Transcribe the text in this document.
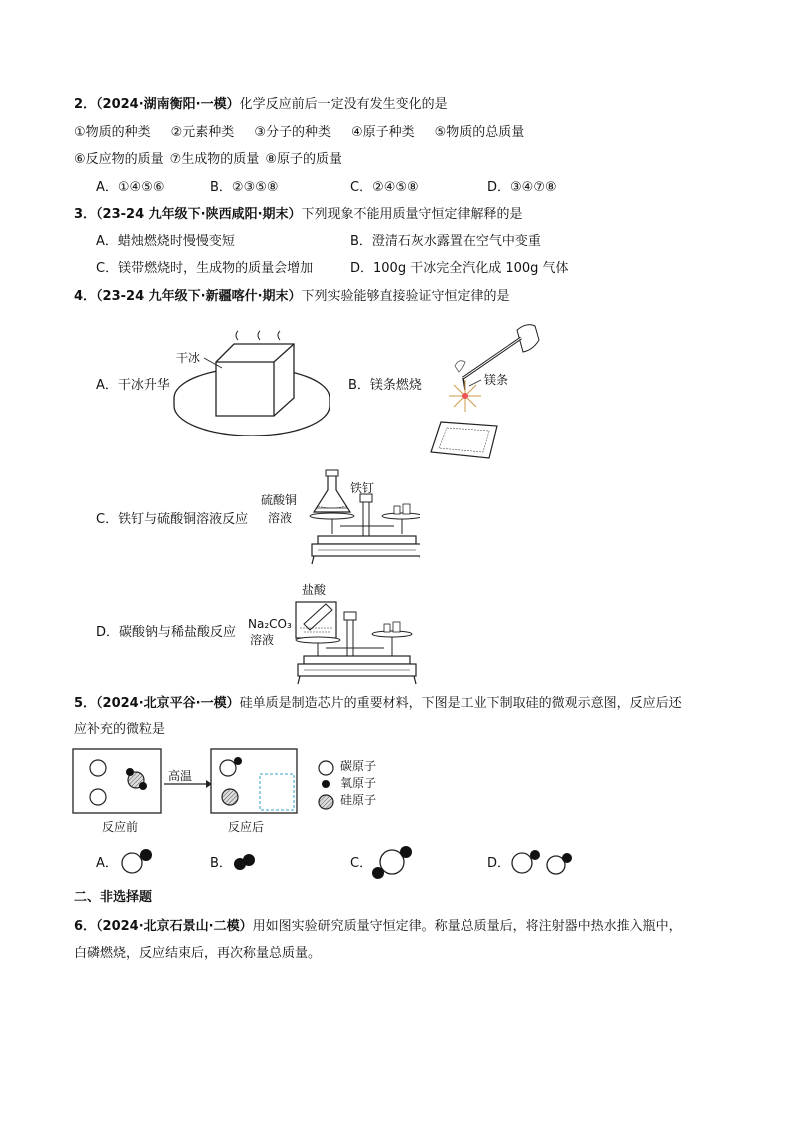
2．（2024·湖南衡阳·一模）化学反应前后一定没有发生变化的是
①物质的种类 ②元素种类 ③分子的种类 ④原子种类 ⑤物质的总质量
⑥反应物的质量 ⑦生成物的质量 ⑧原子的质量
A．①④⑤⑥	B．②③⑤⑧	C．②④⑤⑧	D．③④⑦⑧
3．（23-24 九年级下·陕西咸阳·期末）下列现象不能用质量守恒定律解释的是
A．蜡烛燃烧时慢慢变短	B．澄清石灰水露置在空气中变重
C．镁带燃烧时，生成物的质量会增加	D．100g 干冰完全汽化成 100g 气体
4．（23-24 九年级下·新疆喀什·期末）下列实验能够直接验证守恒定律的是
A．干冰升华
干冰
B．镁条燃烧	镁条
C．铁钉与硫酸铜溶液反应
硫酸铜
溶液
铁钉
D．碳酸钠与稀盐酸反应
盐酸
Na₂CO₃
溶液
5．（2024·北京平谷·一模）硅单质是制造芯片的重要材料，下图是工业下制取硅的微观示意图，反应后还
应补充的微粒是
高温
反应前	反应后
碳原子
氧原子
硅原子
A．	B．	C．	D．
二、非选择题
6．（2024·北京石景山·二模）用如图实验研究质量守恒定律。称量总质量后，将注射器中热水推入瓶中，
白磷燃烧，反应结束后，再次称量总质量。
